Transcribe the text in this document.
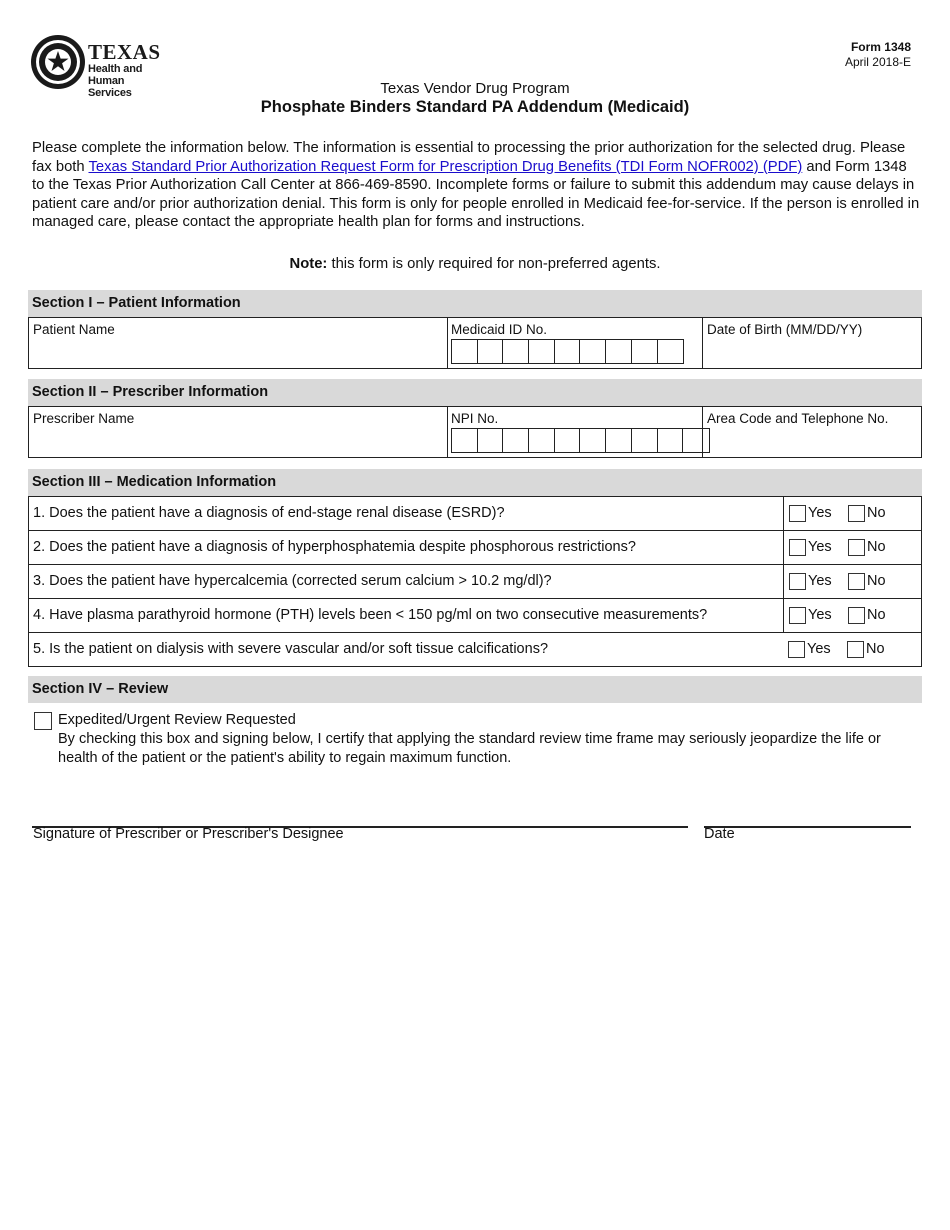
TEXAS
Health and Human
Services
Form 1348
April 2018-E
Texas Vendor Drug Program
Phosphate Binders Standard PA Addendum (Medicaid)
Please complete the information below. The information is essential to processing the prior authorization for the selected drug. Please fax both Texas Standard Prior Authorization Request Form for Prescription Drug Benefits (TDI Form NOFR002) (PDF) and Form 1348 to the Texas Prior Authorization Call Center at 866-469-8590. Incomplete forms or failure to submit this addendum may cause delays in patient care and/or prior authorization denial. This form is only for people enrolled in Medicaid fee-for-service. If the person is enrolled in managed care, please contact the appropriate health plan for forms and instructions.
Note: this form is only required for non-preferred agents.
Section I – Patient Information
Patient Name	Medicaid ID No.	Date of Birth (MM/DD/YY)
Section II – Prescriber Information
Prescriber Name	NPI No.	Area Code and Telephone No.
Section III – Medication Information
1. Does the patient have a diagnosis of end-stage renal disease (ESRD)?	Yes No
2. Does the patient have a diagnosis of hyperphosphatemia despite phosphorous restrictions?	Yes No
3. Does the patient have hypercalcemia (corrected serum calcium > 10.2 mg/dl)?	Yes No
4. Have plasma parathyroid hormone (PTH) levels been < 150 pg/ml on two consecutive measurements?	Yes No
5. Is the patient on dialysis with severe vascular and/or soft tissue calcifications?	Yes No
Section IV – Review
Expedited/Urgent Review Requested
By checking this box and signing below, I certify that applying the standard review time frame may seriously jeopardize the life or health of the patient or the patient's ability to regain maximum function.
Signature of Prescriber or Prescriber's Designee	Date
